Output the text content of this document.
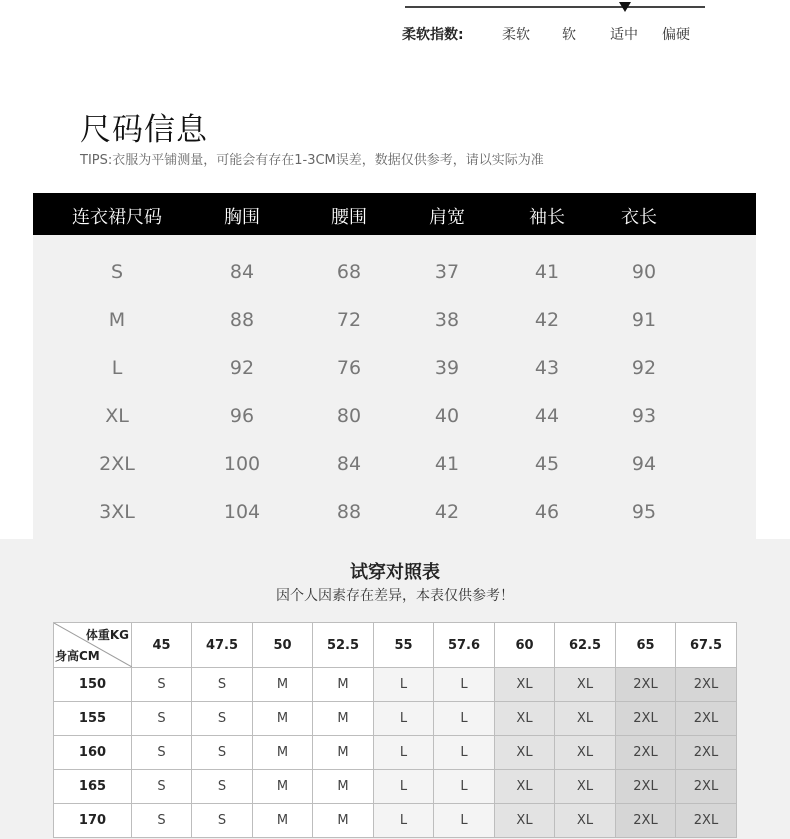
柔软指数:	柔软 软 适中 偏硬
尺码信息
TIPS:衣服为平铺测量，可能会有存在1-3CM误差，数据仅供参考，请以实际为准
连衣裙尺码	胸围	腰围	肩宽	袖长	衣长
S	84	68	37	41	90
M	88	72	38	42	91
L	92	76	39	43	92
XL	96	80	40	44	93
2XL	100	84	41	45	94
3XL	104	88	42	46	95
试穿对照表
因个人因素存在差异，本表仅供参考！
体重KG
身高CM	45	47.5	50	52.5	55	57.6	60	62.5	65	67.5
150	S	S	M	M	L	L	XL	XL	2XL	2XL
155	S	S	M	M	L	L	XL	XL	2XL	2XL
160	S	S	M	M	L	L	XL	XL	2XL	2XL
165	S	S	M	M	L	L	XL	XL	2XL	2XL
170	S	S	M	M	L	L	XL	XL	2XL	2XL
